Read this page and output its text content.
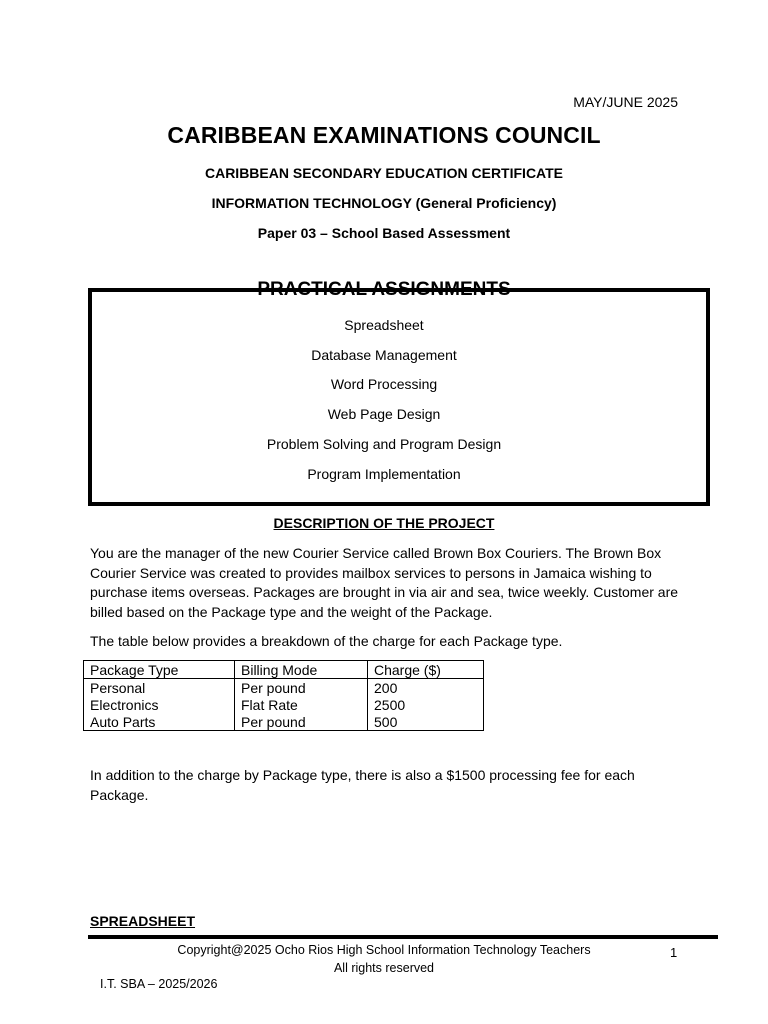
MAY/JUNE 2025
CARIBBEAN EXAMINATIONS COUNCIL
CARIBBEAN SECONDARY EDUCATION CERTIFICATE
INFORMATION TECHNOLOGY (General Proficiency)
Paper 03 – School Based Assessment
PRACTICAL ASSIGNMENTS
Spreadsheet
Database Management
Word Processing
Web Page Design
Problem Solving and Program Design
Program Implementation
DESCRIPTION OF THE PROJECT
You are the manager of the new Courier Service called Brown Box Couriers. The Brown Box Courier Service was created to provides mailbox services to persons in Jamaica wishing to purchase items overseas. Packages are brought in via air and sea, twice weekly. Customer are billed based on the Package type and the weight of the Package.
The table below provides a breakdown of the charge for each Package type.
Package Type	Billing Mode	Charge ($)
Personal	Per pound	200
Electronics	Flat Rate	2500
Auto Parts	Per pound	500
In addition to the charge by Package type, there is also a $1500 processing fee for each Package.
SPREADSHEET
Copyright@2025 Ocho Rios High School Information Technology Teachers
All rights reserved
1
I.T. SBA – 2025/2026
